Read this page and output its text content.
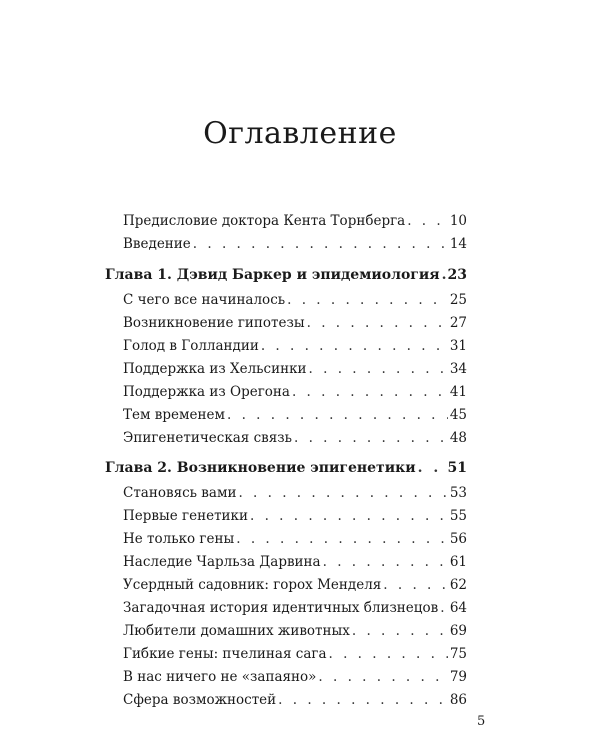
Оглавление
Предисловие доктора Кента Торнберга . . .	10
Введение . . .	14
Глава 1. Дэвид Баркер и эпидемиология . . . 23
С чего все начиналось . . .	25
Возникновение гипотезы . . .	27
Голод в Голландии . . .	31
Поддержка из Хельсинки . . .	34
Поддержка из Орегона . . .	41
Тем временем . . .	45
Эпигенетическая связь . . .	48
Глава 2. Возникновение эпигенетики . . . 51
Становясь вами . . .	53
Первые генетики . . .	55
Не только гены . . .	56
Наследие Чарльза Дарвина . . .	61
Усердный садовник: горох Менделя . . .	62
Загадочная история идентичных близнецов . . . 64
Любители домашних животных . . .	69
Гибкие гены: пчелиная сага . . .	75
В нас ничего не «запаяно» . . .	79
Сфера возможностей . . .	86
5
